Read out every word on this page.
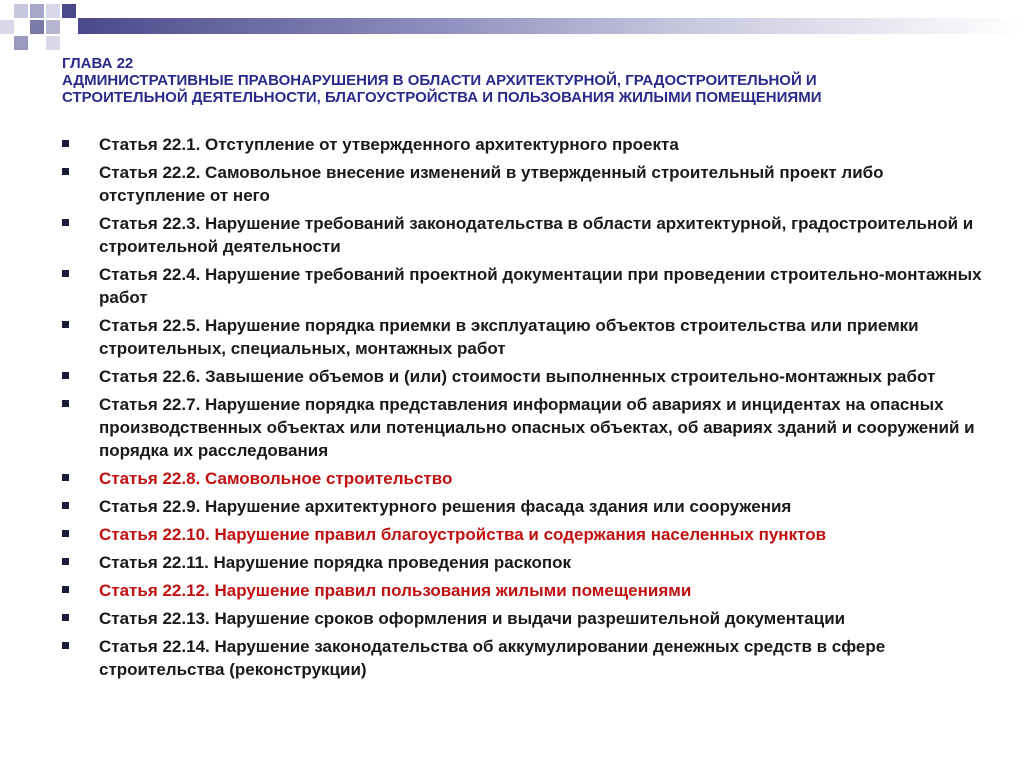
ГЛАВА 22
АДМИНИСТРАТИВНЫЕ ПРАВОНАРУШЕНИЯ В ОБЛАСТИ АРХИТЕКТУРНОЙ, ГРАДОСТРОИТЕЛЬНОЙ И
СТРОИТЕЛЬНОЙ ДЕЯТЕЛЬНОСТИ, БЛАГОУСТРОЙСТВА И ПОЛЬЗОВАНИЯ ЖИЛЫМИ ПОМЕЩЕНИЯМИ
Статья 22.1. Отступление от утвержденного архитектурного проекта
Статья 22.2. Самовольное внесение изменений в утвержденный строительный проект либо отступление от него
Статья 22.3. Нарушение требований законодательства в области архитектурной, градостроительной и строительной деятельности
Статья 22.4. Нарушение требований проектной документации при проведении строительно-монтажных работ
Статья 22.5. Нарушение порядка приемки в эксплуатацию объектов строительства или приемки строительных, специальных, монтажных работ
Статья 22.6. Завышение объемов и (или) стоимости выполненных строительно-монтажных работ
Статья 22.7. Нарушение порядка представления информации об авариях и инцидентах на опасных производственных объектах или потенциально опасных объектах, об авариях зданий и сооружений и порядка их расследования
Статья 22.8. Самовольное строительство
Статья 22.9. Нарушение архитектурного решения фасада здания или сооружения
Статья 22.10. Нарушение правил благоустройства и содержания населенных пунктов
Статья 22.11. Нарушение порядка проведения раскопок
Статья 22.12. Нарушение правил пользования жилыми помещениями
Статья 22.13. Нарушение сроков оформления и выдачи разрешительной документации
Статья 22.14. Нарушение законодательства об аккумулировании денежных средств в сфере строительства (реконструкции)
